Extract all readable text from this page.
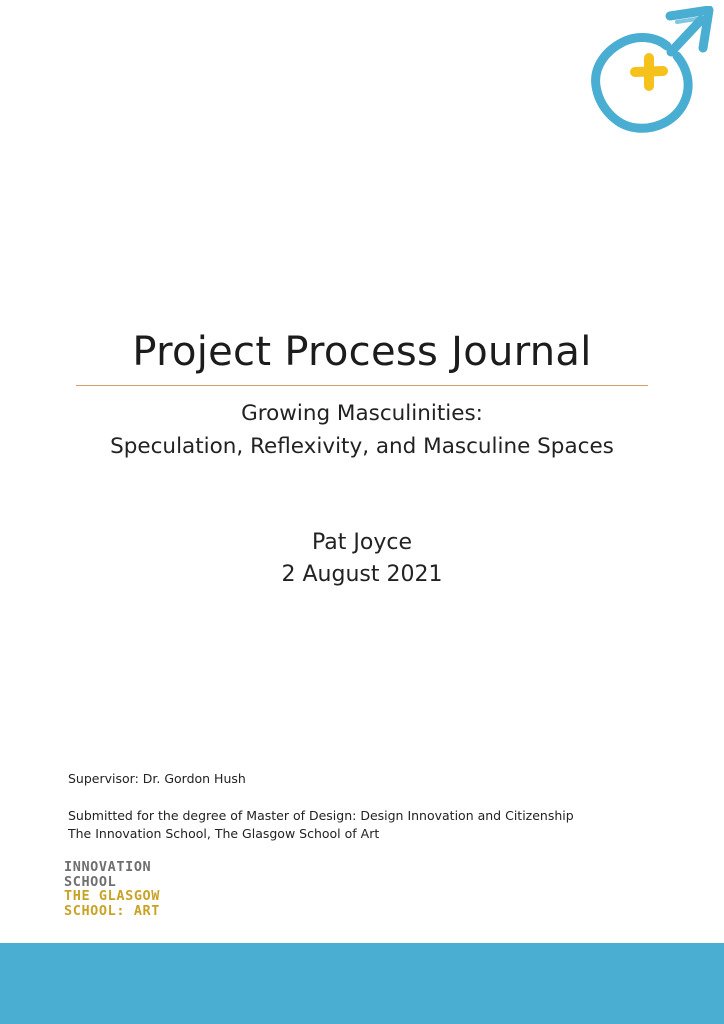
Project Process Journal
Growing Masculinities:
Speculation, Reflexivity, and Masculine Spaces
Pat Joyce
2 August 2021
Supervisor: Dr. Gordon Hush
Submitted for the degree of Master of Design: Design Innovation and Citizenship
The Innovation School, The Glasgow School of Art
INNOVATION
SCHOOL
THE GLASGOW
SCHOOL: ART
